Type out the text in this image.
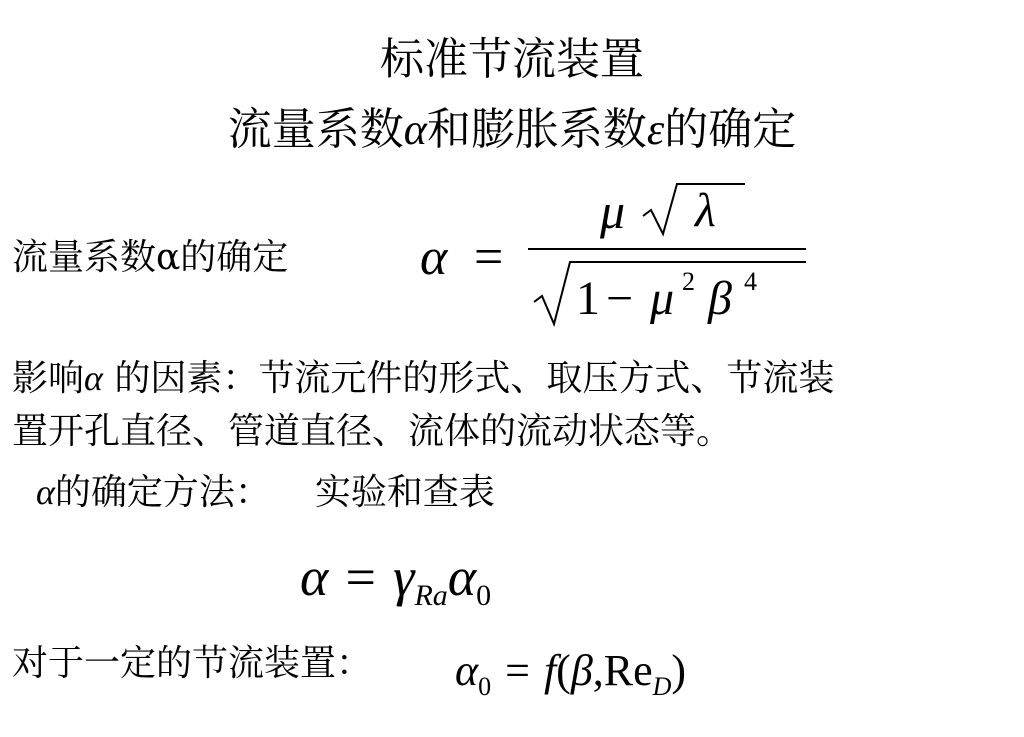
标准节流装置
流量系数α和膨胀系数ε的确定
流量系数α的确定	α =
μ λ
1 − μ 2 β 4
影响α 的因素：节流元件的形式、取压方式、节流装
置开孔直径、管道直径、流体的流动状态等。
α的确定方法： 实验和查表
$\alpha = \gamma_{Ra}\alpha_0$
对于一定的节流装置： $\alpha_0 = f(\beta,Re_D)$
